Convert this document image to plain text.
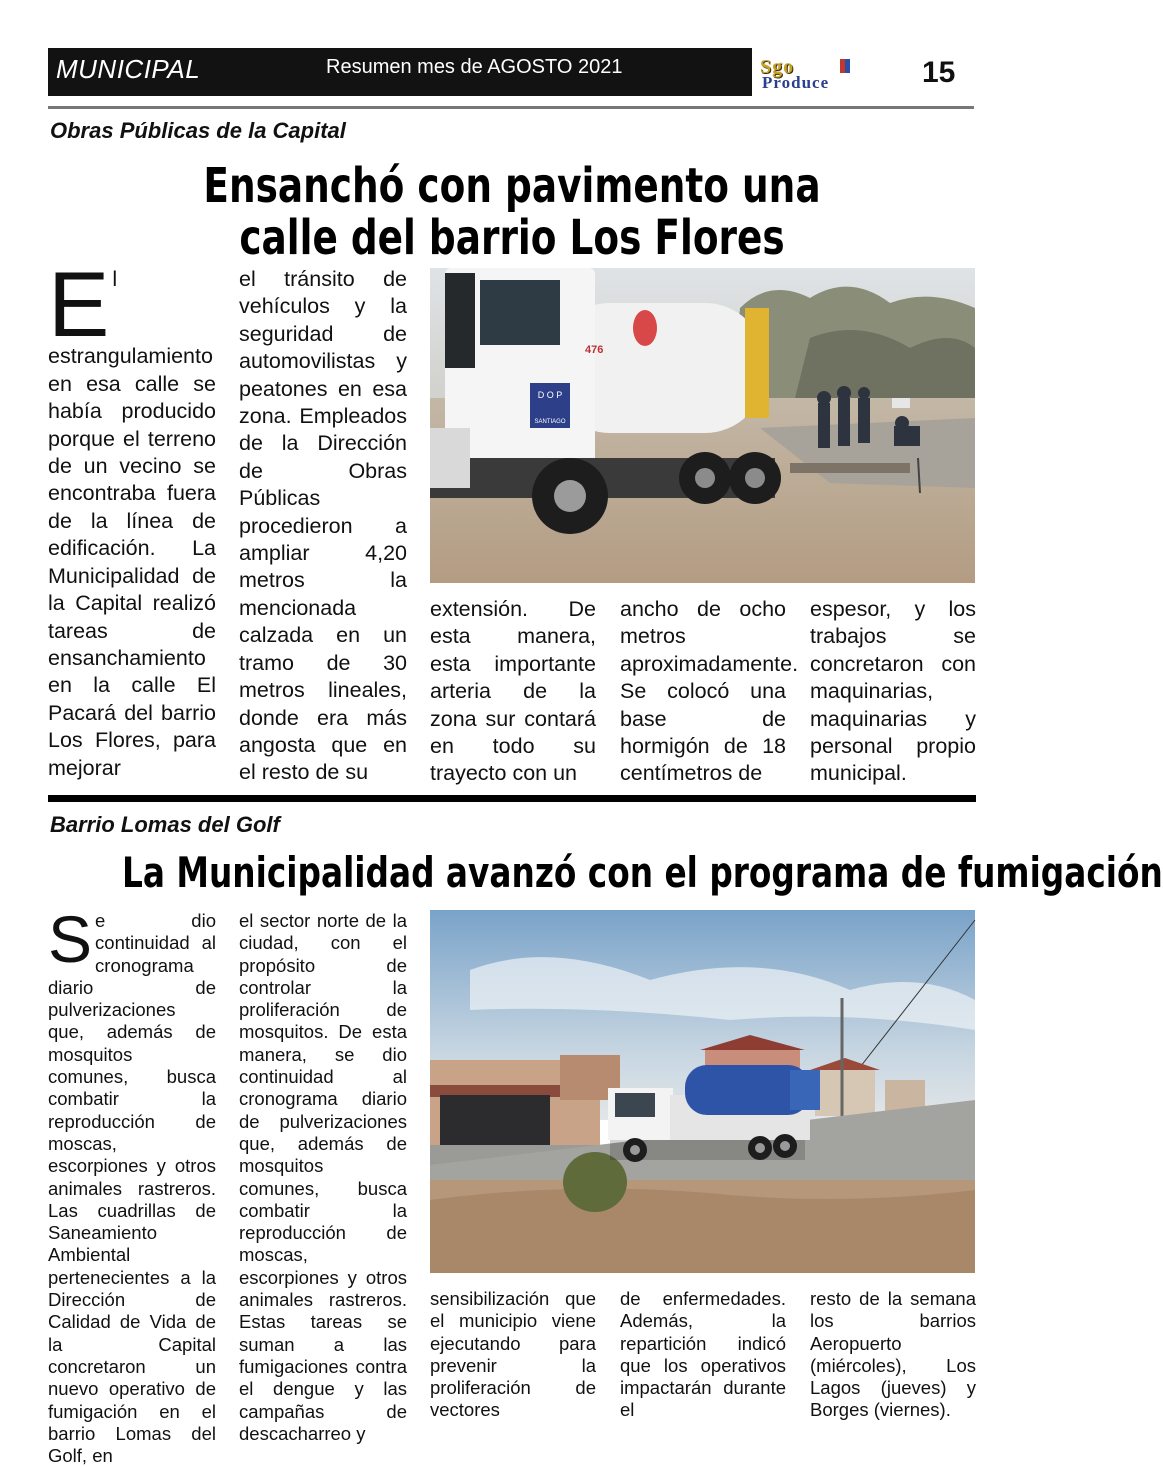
MUNICIPAL	Resumen mes de AGOSTO 2021	Sgo
Produce	15
Obras Públicas de la Capital
Ensanchó con pavimento una
calle del barrio Los Flores
El estrangulamiento en esa calle se había producido porque el terreno de un vecino se encontraba fuera de la línea de edificación. La Municipalidad de la Capital realizó tareas de ensanchamiento en la calle El Pacará del barrio Los Flores, para mejorar
el tránsito de vehículos y la seguridad de automovilistas y peatones en esa zona. Empleados de la Dirección de Obras Públicas procedieron a ampliar 4,20 metros la mencionada calzada en un tramo de 30 metros lineales, donde era más angosta que en el resto de su
extensión. De esta manera, esta importante arteria de la zona sur contará en todo su trayecto con un
ancho de ocho metros aproximadamente. Se colocó una base de hormigón de 18 centímetros de
espesor, y los trabajos se concretaron con maquinarias, maquinarias y personal propio municipal.
D O P
SANTIAGO
476
Barrio Lomas del Golf
La Municipalidad avanzó con el programa de fumigación
Se dio continuidad al cronograma diario de pulverizaciones que, además de mosquitos comunes, busca combatir la reproducción de moscas, escorpiones y otros animales rastreros. Las cuadrillas de Saneamiento Ambiental pertenecientes a la Dirección de Calidad de Vida de la Capital concretaron un nuevo operativo de fumigación en el barrio Lomas del Golf, en
el sector norte de la ciudad, con el propósito de controlar la proliferación de mosquitos. De esta manera, se dio continuidad al cronograma diario de pulverizaciones que, además de mosquitos comunes, busca combatir la reproducción de moscas, escorpiones y otros animales rastreros. Estas tareas se suman a las fumigaciones contra el dengue y las campañas de descacharreo y
sensibilización que el municipio viene ejecutando para prevenir la proliferación de vectores
de enfermedades. Además, la repartición indicó que los operativos impactarán durante el
resto de la semana los barrios Aeropuerto (miércoles), Los Lagos (jueves) y Borges (viernes).
